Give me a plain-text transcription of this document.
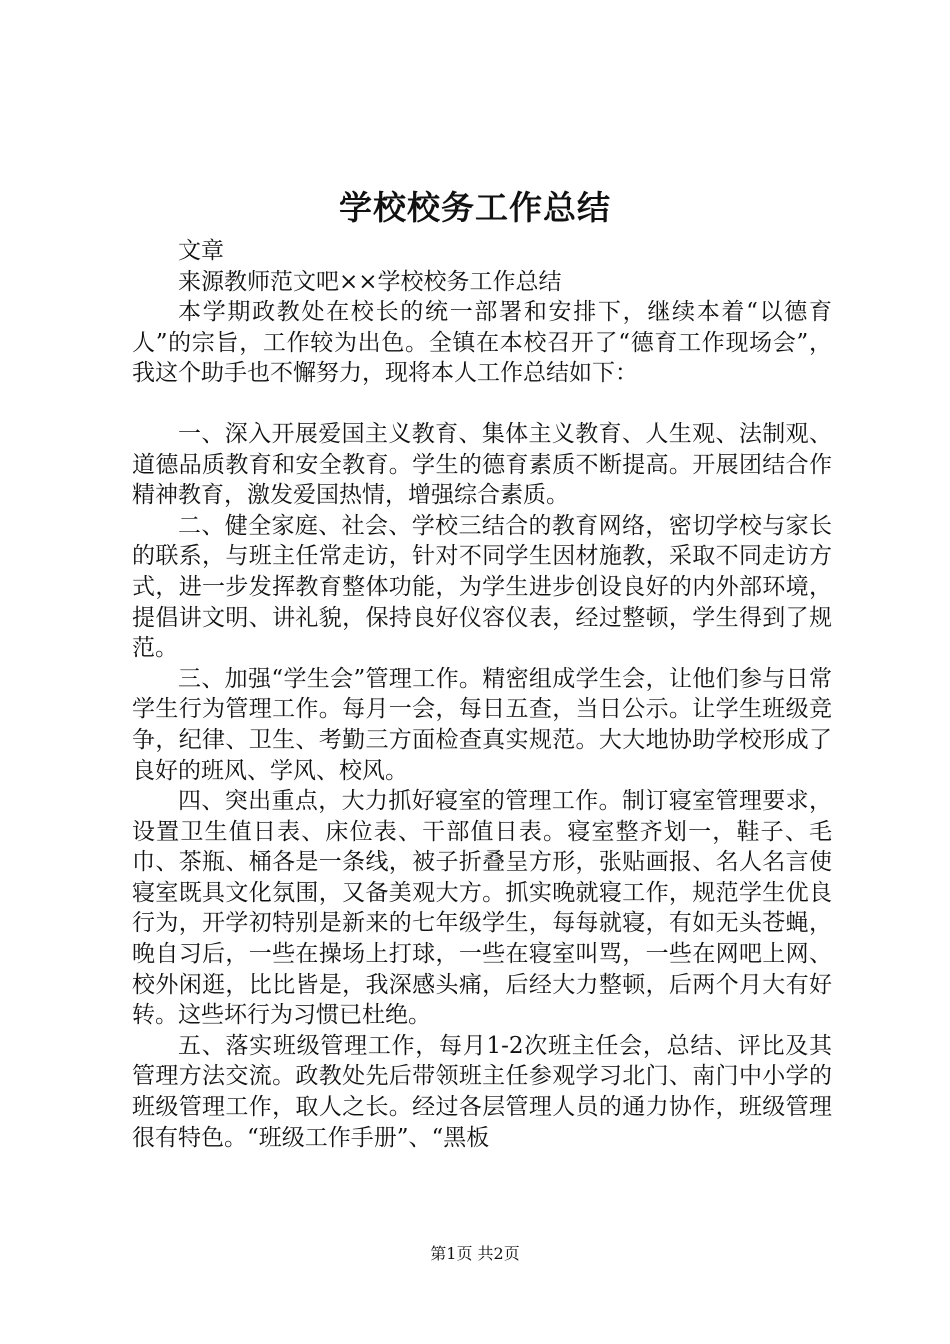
学校校务工作总结

文章

来源教师范文吧××学校校务工作总结

本学期政教处在校长的统一部署和安排下，继续本着“以德育人”的宗旨，工作较为出色。全镇在本校召开了“德育工作现场会”，我这个助手也不懈努力，现将本人工作总结如下：

一、深入开展爱国主义教育、集体主义教育、人生观、法制观、道德品质教育和安全教育。学生的德育素质不断提高。开展团结合作精神教育，激发爱国热情，增强综合素质。

二、健全家庭、社会、学校三结合的教育网络，密切学校与家长的联系，与班主任常走访，针对不同学生因材施教，采取不同走访方式，进一步发挥教育整体功能，为学生进步创设良好的内外部环境，提倡讲文明、讲礼貌，保持良好仪容仪表，经过整顿，学生得到了规范。

三、加强“学生会”管理工作。精密组成学生会，让他们参与日常学生行为管理工作。每月一会，每日五查，当日公示。让学生班级竞争，纪律、卫生、考勤三方面检查真实规范。大大地协助学校形成了良好的班风、学风、校风。

四、突出重点，大力抓好寝室的管理工作。制订寝室管理要求，设置卫生值日表、床位表、干部值日表。寝室整齐划一，鞋子、毛巾、茶瓶、桶各是一条线，被子折叠呈方形，张贴画报、名人名言使寝室既具文化氛围，又备美观大方。抓实晚就寝工作，规范学生优良行为，开学初特别是新来的七年级学生，每每就寝，有如无头苍蝇，晚自习后，一些在操场上打球，一些在寝室叫骂，一些在网吧上网、校外闲逛，比比皆是，我深感头痛，后经大力整顿，后两个月大有好转。这些坏行为习惯已杜绝。

五、落实班级管理工作，每月1-2次班主任会，总结、评比及其管理方法交流。政教处先后带领班主任参观学习北门、南门中小学的班级管理工作，取人之长。经过各层管理人员的通力协作，班级管理很有特色。“班级工作手册”、“黑板

第1页 共2页
